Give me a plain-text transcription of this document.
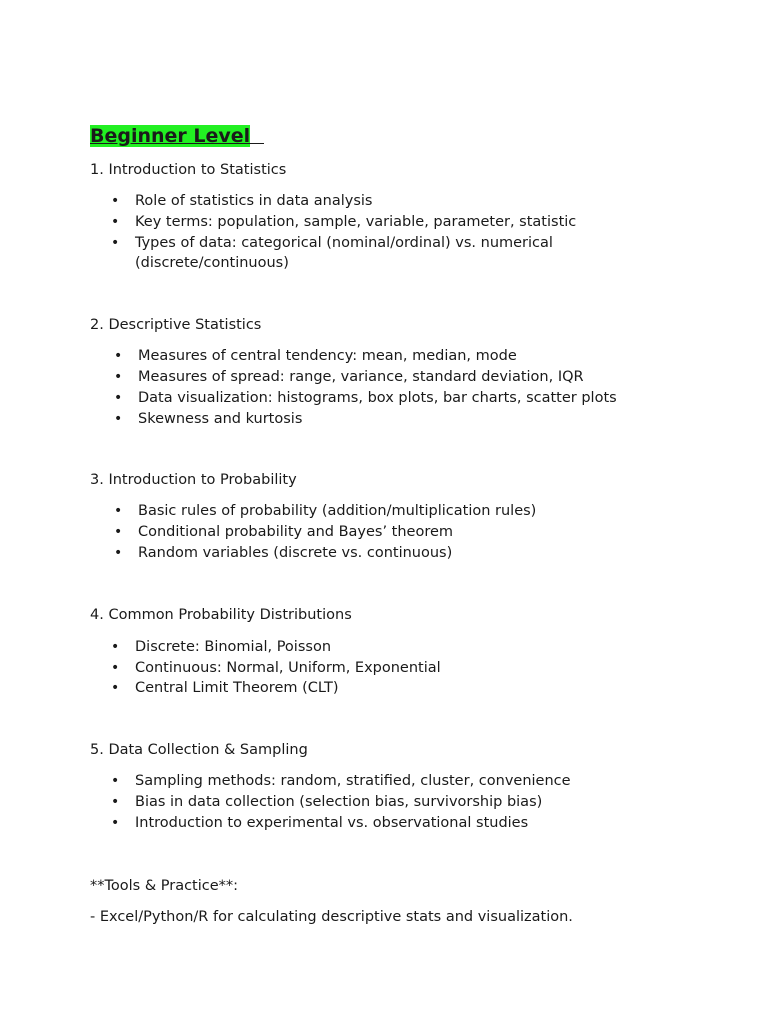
Beginner Level

1. Introduction to Statistics

• Role of statistics in data analysis
• Key terms: population, sample, variable, parameter, statistic
• Types of data: categorical (nominal/ordinal) vs. numerical (discrete/continuous)

2. Descriptive Statistics

• Measures of central tendency: mean, median, mode
• Measures of spread: range, variance, standard deviation, IQR
• Data visualization: histograms, box plots, bar charts, scatter plots
• Skewness and kurtosis

3. Introduction to Probability

• Basic rules of probability (addition/multiplication rules)
• Conditional probability and Bayes’ theorem
• Random variables (discrete vs. continuous)

4. Common Probability Distributions

• Discrete: Binomial, Poisson
• Continuous: Normal, Uniform, Exponential
• Central Limit Theorem (CLT)

5. Data Collection & Sampling

• Sampling methods: random, stratified, cluster, convenience
• Bias in data collection (selection bias, survivorship bias)
• Introduction to experimental vs. observational studies

**Tools & Practice**:

- Excel/Python/R for calculating descriptive stats and visualization.
